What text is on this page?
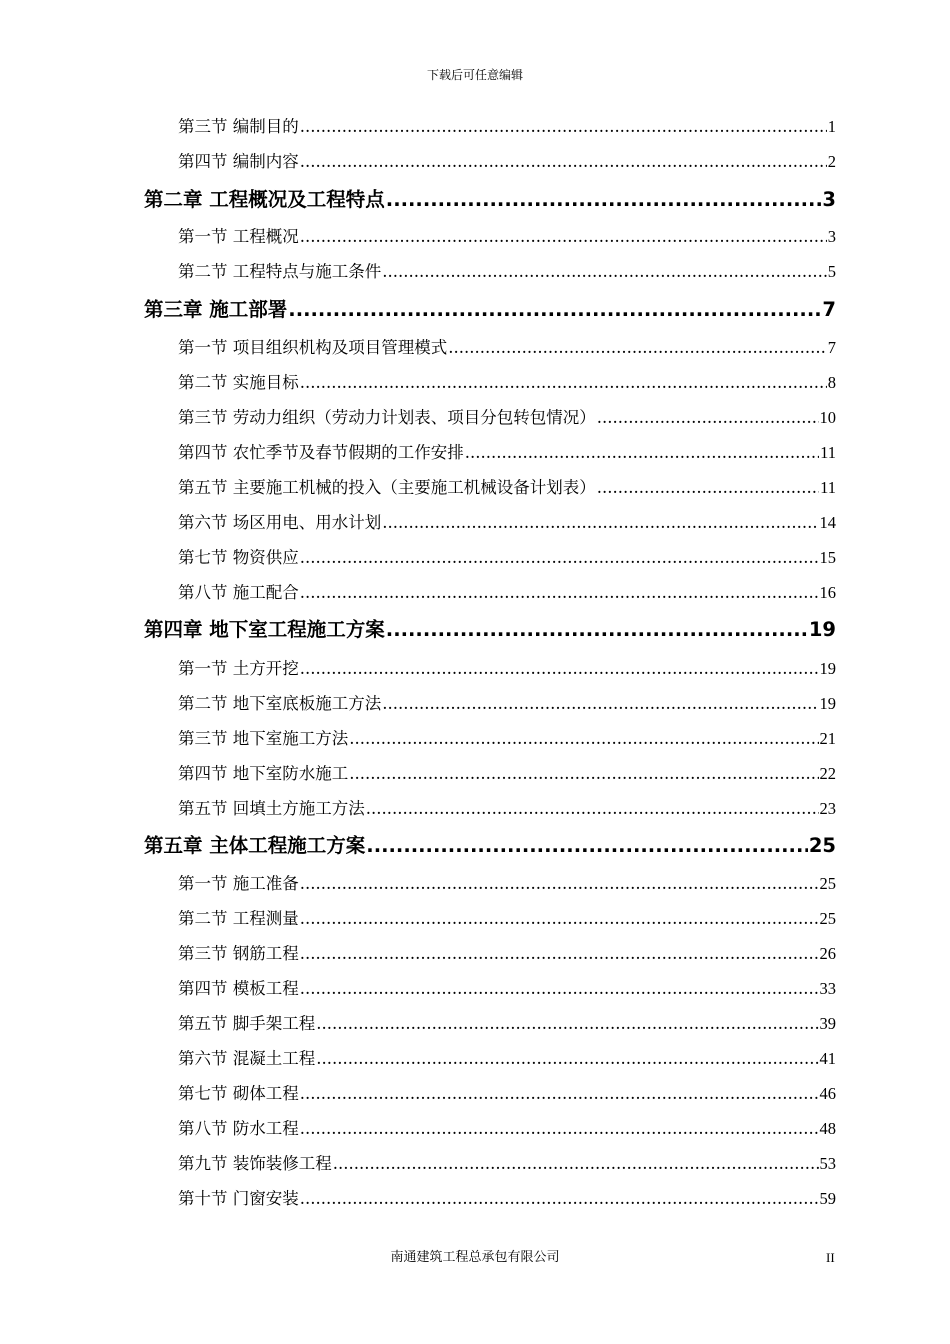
下载后可任意编辑
第三节 编制目的 .....	1
第四节 编制内容 .....	2
第二章 工程概况及工程特点 .....	3
第一节 工程概况 .....	3
第二节 工程特点与施工条件 .....	5
第三章 施工部署 .....	7
第一节 项目组织机构及项目管理模式 .....	7
第二节 实施目标 .....	8
第三节 劳动力组织（劳动力计划表、项目分包转包情况） .....	10
第四节 农忙季节及春节假期的工作安排 .....	11
第五节 主要施工机械的投入（主要施工机械设备计划表） .....	11
第六节 场区用电、用水计划 .....	14
第七节 物资供应 .....	15
第八节 施工配合 .....	16
第四章 地下室工程施工方案 .....	19
第一节 土方开挖 .....	19
第二节 地下室底板施工方法 .....	19
第三节 地下室施工方法 .....	21
第四节 地下室防水施工 .....	22
第五节 回填土方施工方法 .....	23
第五章 主体工程施工方案 .....	25
第一节 施工准备 .....	25
第二节 工程测量 .....	25
第三节 钢筋工程 .....	26
第四节 模板工程 .....	33
第五节 脚手架工程 .....	39
第六节 混凝土工程 .....	41
第七节 砌体工程 .....	46
第八节 防水工程 .....	48
第九节 装饰装修工程 .....	53
第十节 门窗安装 .....	59
南通建筑工程总承包有限公司	II
